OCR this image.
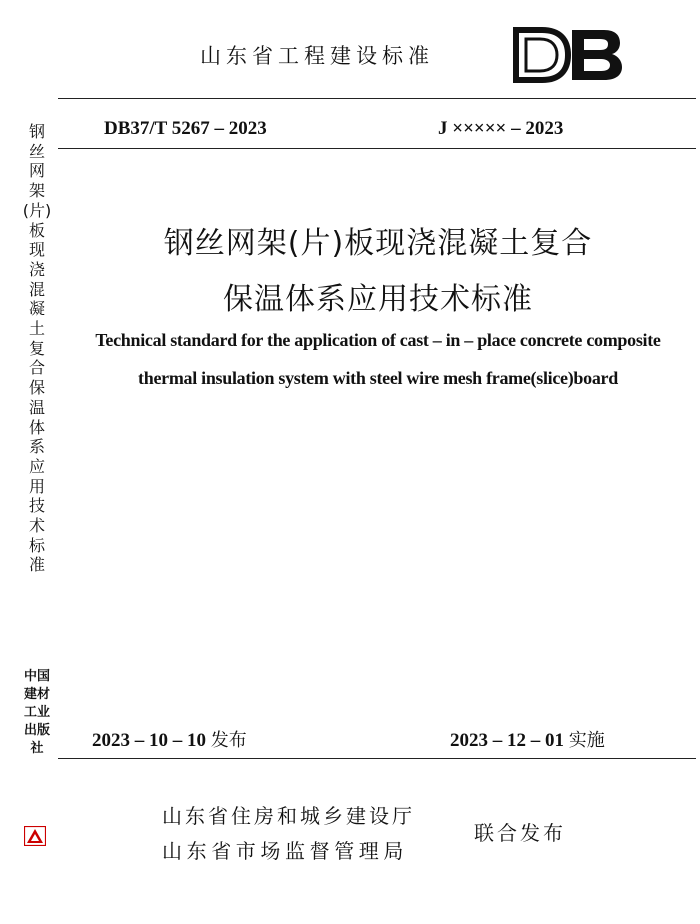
山东省工程建设标准
DB37/T 5267 – 2023	J ××××× – 2023
钢丝网架(片)板现浇混凝土复合
保温体系应用技术标准
Technical standard for the application of cast – in – place concrete composite
thermal insulation system with steel wire mesh frame(slice)board
钢丝网架(片)板现浇混凝土复合保温体系应用技术标准
中国建材工业出版社	2023 – 10 – 10 发布	2023 – 12 – 01 实施
山东省住房和城乡建设厅
山东省市场监督管理局
联合发布
